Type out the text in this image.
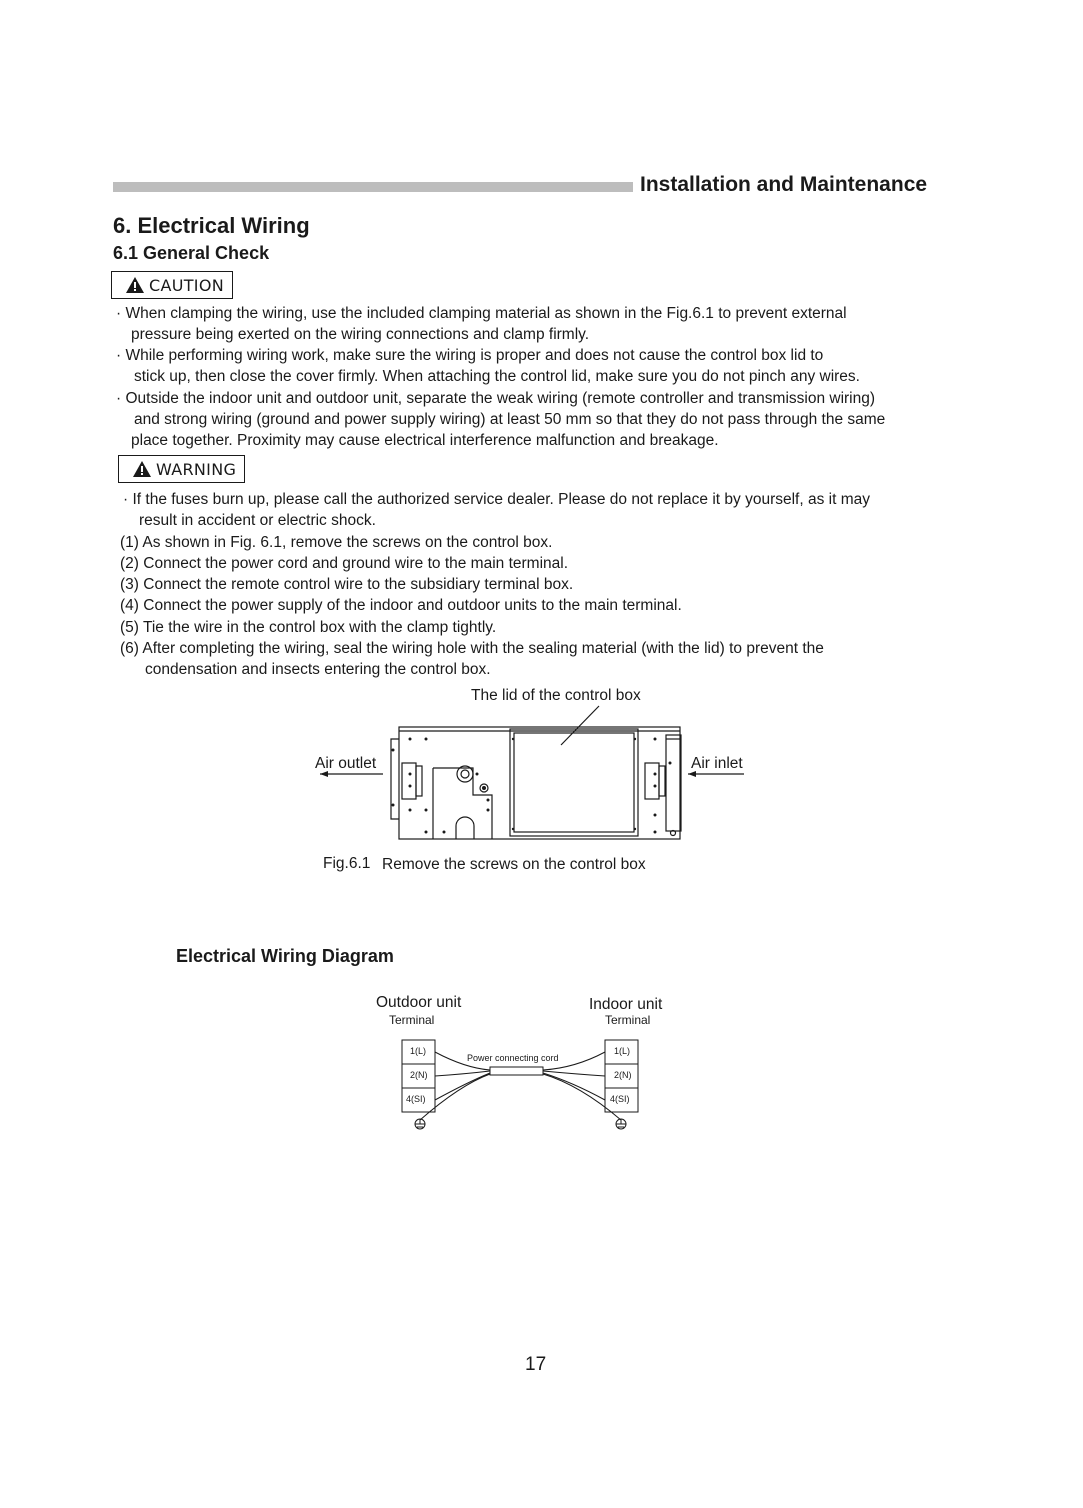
Installation and Maintenance
6. Electrical Wiring
6.1 General Check
CAUTION
· When clamping the wiring, use the included clamping material as shown in the Fig.6.1 to prevent external
pressure being exerted on the wiring connections and clamp firmly.
· While performing wiring work, make sure the wiring is proper and does not cause the control box lid to
stick up, then close the cover firmly. When attaching the control lid, make sure you do not pinch any wires.
· Outside the indoor unit and outdoor unit, separate the weak wiring (remote controller and transmission wiring)
and strong wiring (ground and power supply wiring) at least 50 mm so that they do not pass through the same
place together. Proximity may cause electrical interference malfunction and breakage.
WARNING
· If the fuses burn up, please call the authorized service dealer. Please do not replace it by yourself, as it may
result in accident or electric shock.
(1) As shown in Fig. 6.1, remove the screws on the control box.
(2) Connect the power cord and ground wire to the main terminal.
(3) Connect the remote control wire to the subsidiary terminal box.
(4) Connect the power supply of the indoor and outdoor units to the main terminal.
(5) Tie the wire in the control box with the clamp tightly.
(6) After completing the wiring, seal the wiring hole with the sealing material (with the lid) to prevent the
condensation and insects entering the control box.
The lid of the control box
Air outlet	Air inlet
Fig.6.1 Remove the screws on the control box
Electrical Wiring Diagram
Outdoor unit
Terminal
Indoor unit
Terminal
Power connecting cord
1(L)
2(N)
4(SI)
1(L)
2(N)
4(SI)
17
